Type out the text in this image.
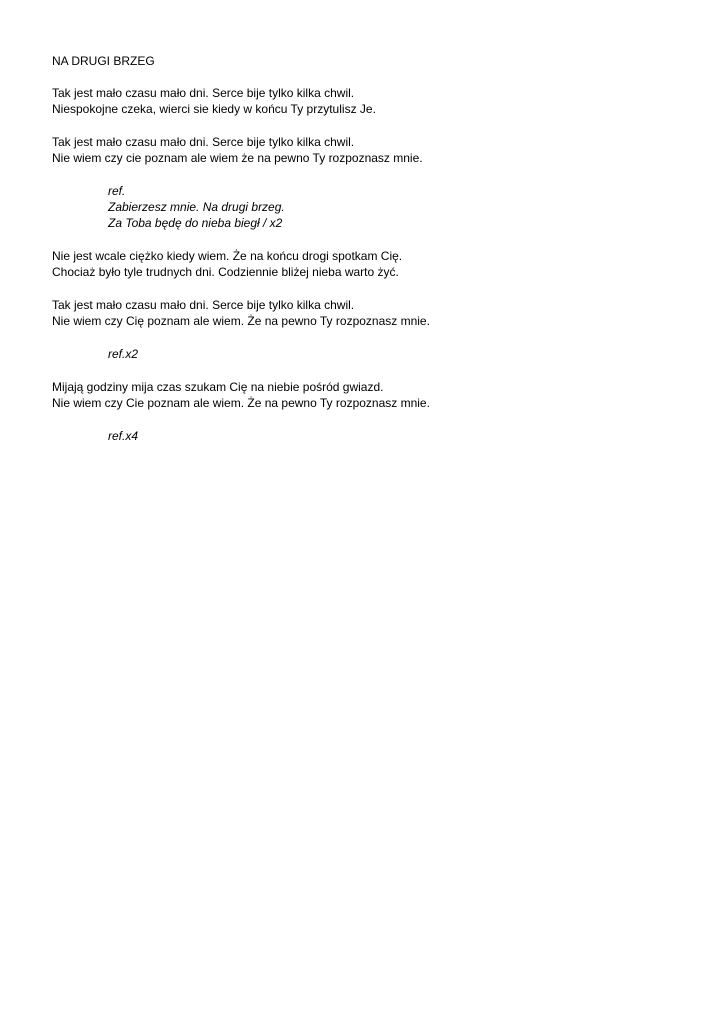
NA DRUGI BRZEG
Tak jest mało czasu mało dni. Serce bije tylko kilka chwil.
Niespokojne czeka, wierci sie kiedy w końcu Ty przytulisz Je.
Tak jest mało czasu mało dni. Serce bije tylko kilka chwil.
Nie wiem czy cie poznam ale wiem że na pewno Ty rozpoznasz mnie.
ref.
Zabierzesz mnie. Na drugi brzeg.
Za Toba będę do nieba biegł / x2
Nie jest wcale ciężko kiedy wiem. Że na końcu drogi spotkam Cię.
Chociaż było tyle trudnych dni. Codziennie bliżej nieba warto żyć.
Tak jest mało czasu mało dni. Serce bije tylko kilka chwil.
Nie wiem czy Cię poznam ale wiem. Że na pewno Ty rozpoznasz mnie.
ref.x2
Mijają godziny mija czas szukam Cię na niebie pośród gwiazd.
Nie wiem czy Cie poznam ale wiem. Że na pewno Ty rozpoznasz mnie.
ref.x4
